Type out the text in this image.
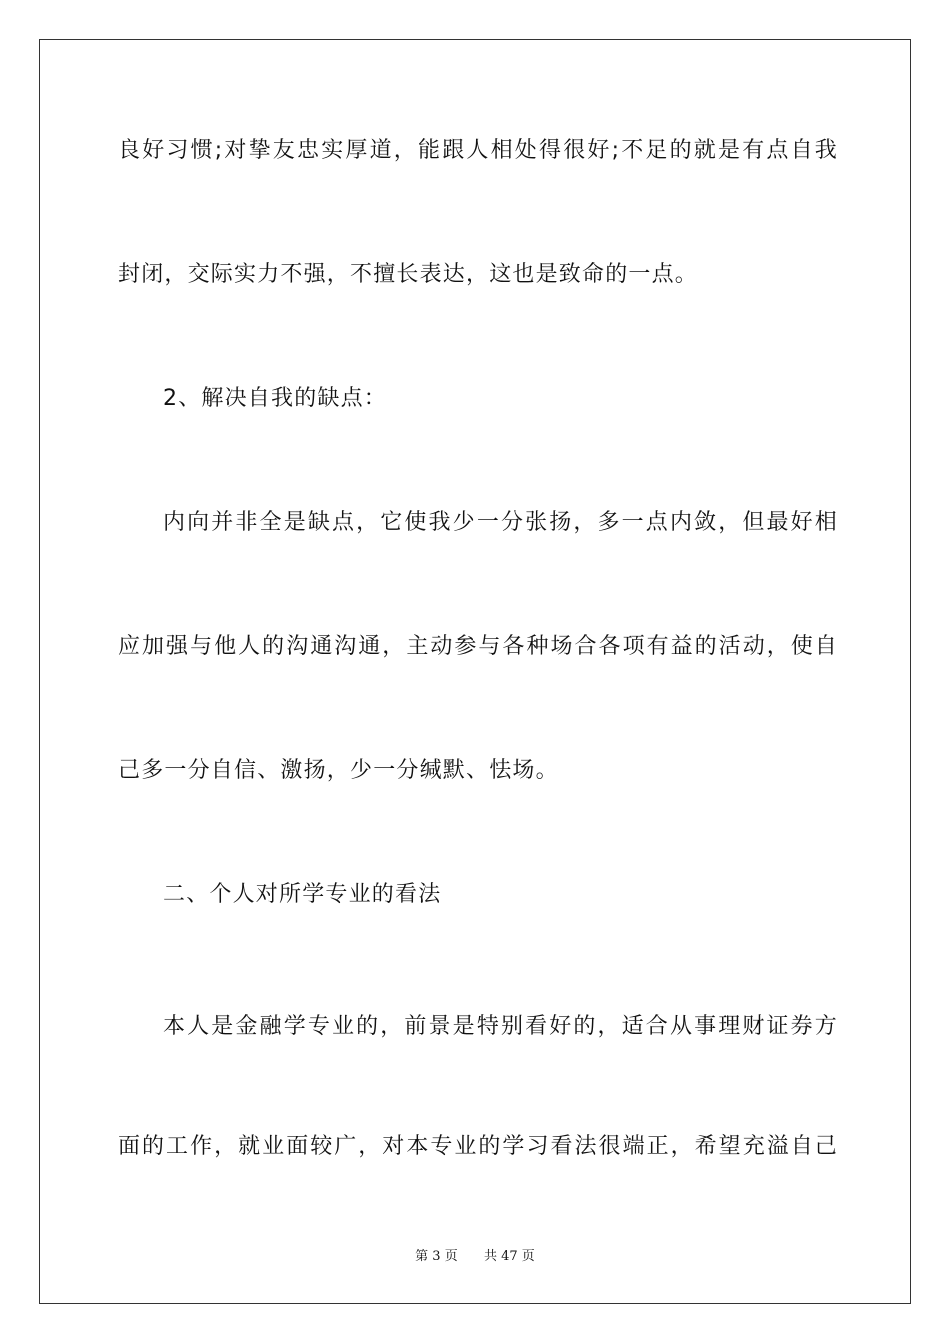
良好习惯;对挚友忠实厚道，能跟人相处得很好;不足的就是有点自我
封闭，交际实力不强，不擅长表达，这也是致命的一点。
2、解决自我的缺点：
内向并非全是缺点，它使我少一分张扬，多一点内敛，但最好相
应加强与他人的沟通沟通，主动参与各种场合各项有益的活动，使自
己多一分自信、激扬，少一分缄默、怯场。
二、个人对所学专业的看法
本人是金融学专业的，前景是特别看好的，适合从事理财证券方
面的工作，就业面较广，对本专业的学习看法很端正，希望充溢自己
第 3 页 共 47 页
